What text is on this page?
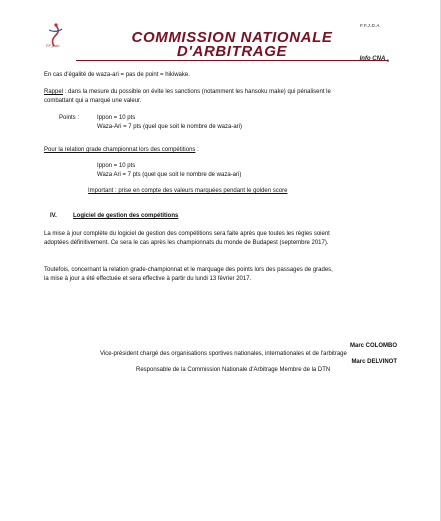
FF judo
F.F.J.D.A.
COMMISSION NATIONALE
D'ARBITRAGE	Info CNA $_3$
En cas d'égalité de waza-ari = pas de point = hikiwake.
Rappel : dans la mesure du possible on évite les sanctions (notamment les hansoku make) qui pénalisent le
combattant qui a marqué une valeur.
Points :	Ippon = 10 pts
Waza-Ari = 7 pts (quel que soit le nombre de waza-ari)
Pour la relation grade championnat lors des compétitions :
Ippon = 10 pts
Waza Ari = 7 pts (quel que soit le nombre de waza-ari)
Important : prise en compte des valeurs marquées pendant le golden score
IV.	Logiciel de gestion des compétitions
La mise à jour complète du logiciel de gestion des compétitions sera faite après que toutes les règles soient
adoptées définitivement. Ce sera le cas après les championnats du monde de Budapest (septembre 2017).
Toutefois, concernant la relation grade-championnat et le marquage des points lors des passages de grades,
la mise à jour a été effectuée et sera effective à partir du lundi 13 février 2017.
Marc COLOMBO
Vice-président chargé des organisations sportives nationales, internationales et de l'arbitrage
Marc DELVINOT
Responsable de la Commission Nationale d'Arbitrage Membre de la DTN
